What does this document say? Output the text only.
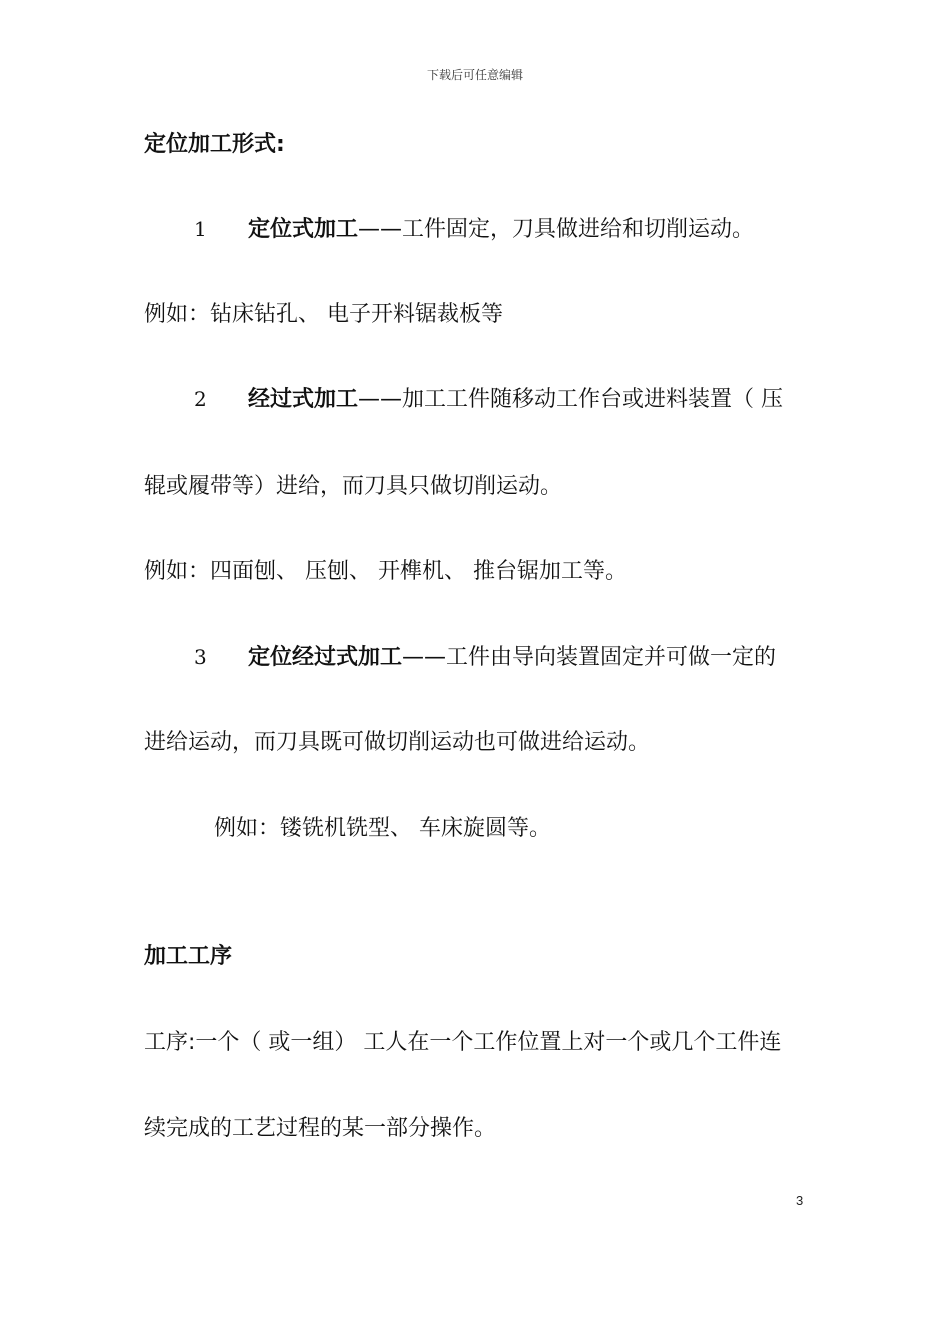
下载后可任意编辑
定位加工形式:
1 定位式加工——工件固定，刀具做进给和切削运动。
例如：钻床钻孔、 电子开料锯裁板等
2 经过式加工——加工工件随移动工作台或进料装置（ 压
辊或履带等）进给，而刀具只做切削运动。
例如：四面刨、 压刨、 开榫机、 推台锯加工等。
3 定位经过式加工——工件由导向装置固定并可做一定的
进给运动，而刀具既可做切削运动也可做进给运动。
例如：镂铣机铣型、 车床旋圆等。
加工工序
工序:一个（ 或一组） 工人在一个工作位置上对一个或几个工件连
续完成的工艺过程的某一部分操作。
3
